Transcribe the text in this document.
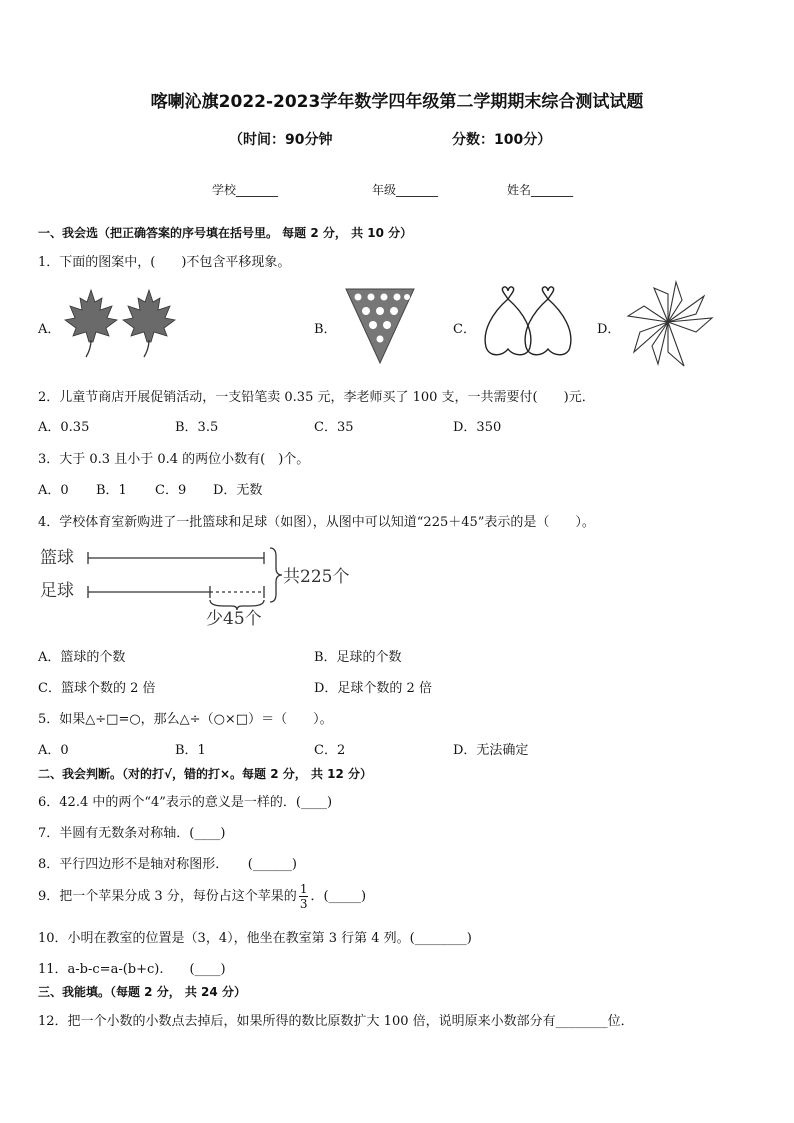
喀喇沁旗2022-2023学年数学四年级第二学期期末综合测试试题
（时间：90分钟	分数：100分）
学校_______	年级_______	姓名_______
一、我会选（把正确答案的序号填在括号里。 每题 2 分， 共 10 分）
1．下面的图案中，(　　)不包含平移现象。
A．	B．	C．	D．
2．儿童节商店开展促销活动，一支铅笔卖 0.35 元，李老师买了 100 支，一共需要付(　　)元．
A．0.35	B．3.5	C．35	D．350
3．大于 0.3 且小于 0.4 的两位小数有(　)个。
A．0 B．1 C．9 D．无数
4．学校体育室新购进了一批篮球和足球（如图），从图中可以知道“225＋45”表示的是（　　）。
篮球
足球
共225个
少45个
A．篮球的个数	B．足球的个数
C．篮球个数的 2 倍	D．足球个数的 2 倍
5．如果△÷□=○，那么△÷（○×□）＝（　　）。
A．0	B．1	C．2	D．无法确定
二、我会判断。（对的打√，错的打×。每题 2 分， 共 12 分）
6．42.4 中的两个“4”表示的意义是一样的．(____)
7．半圆有无数条对称轴．(____)
8．平行四边形不是轴对称图形．　　(______)
9．把一个苹果分成 3 分，每份占这个苹果的 $\frac{1}{3}$ ．(_____)
10．小明在教室的位置是（3，4），他坐在教室第 3 行第 4 列。(________)
11．a-b-c=a-(b+c).　　(____)
三、我能填。（每题 2 分， 共 24 分）
12．把一个小数的小数点去掉后，如果所得的数比原数扩大 100 倍，说明原来小数部分有________位．
